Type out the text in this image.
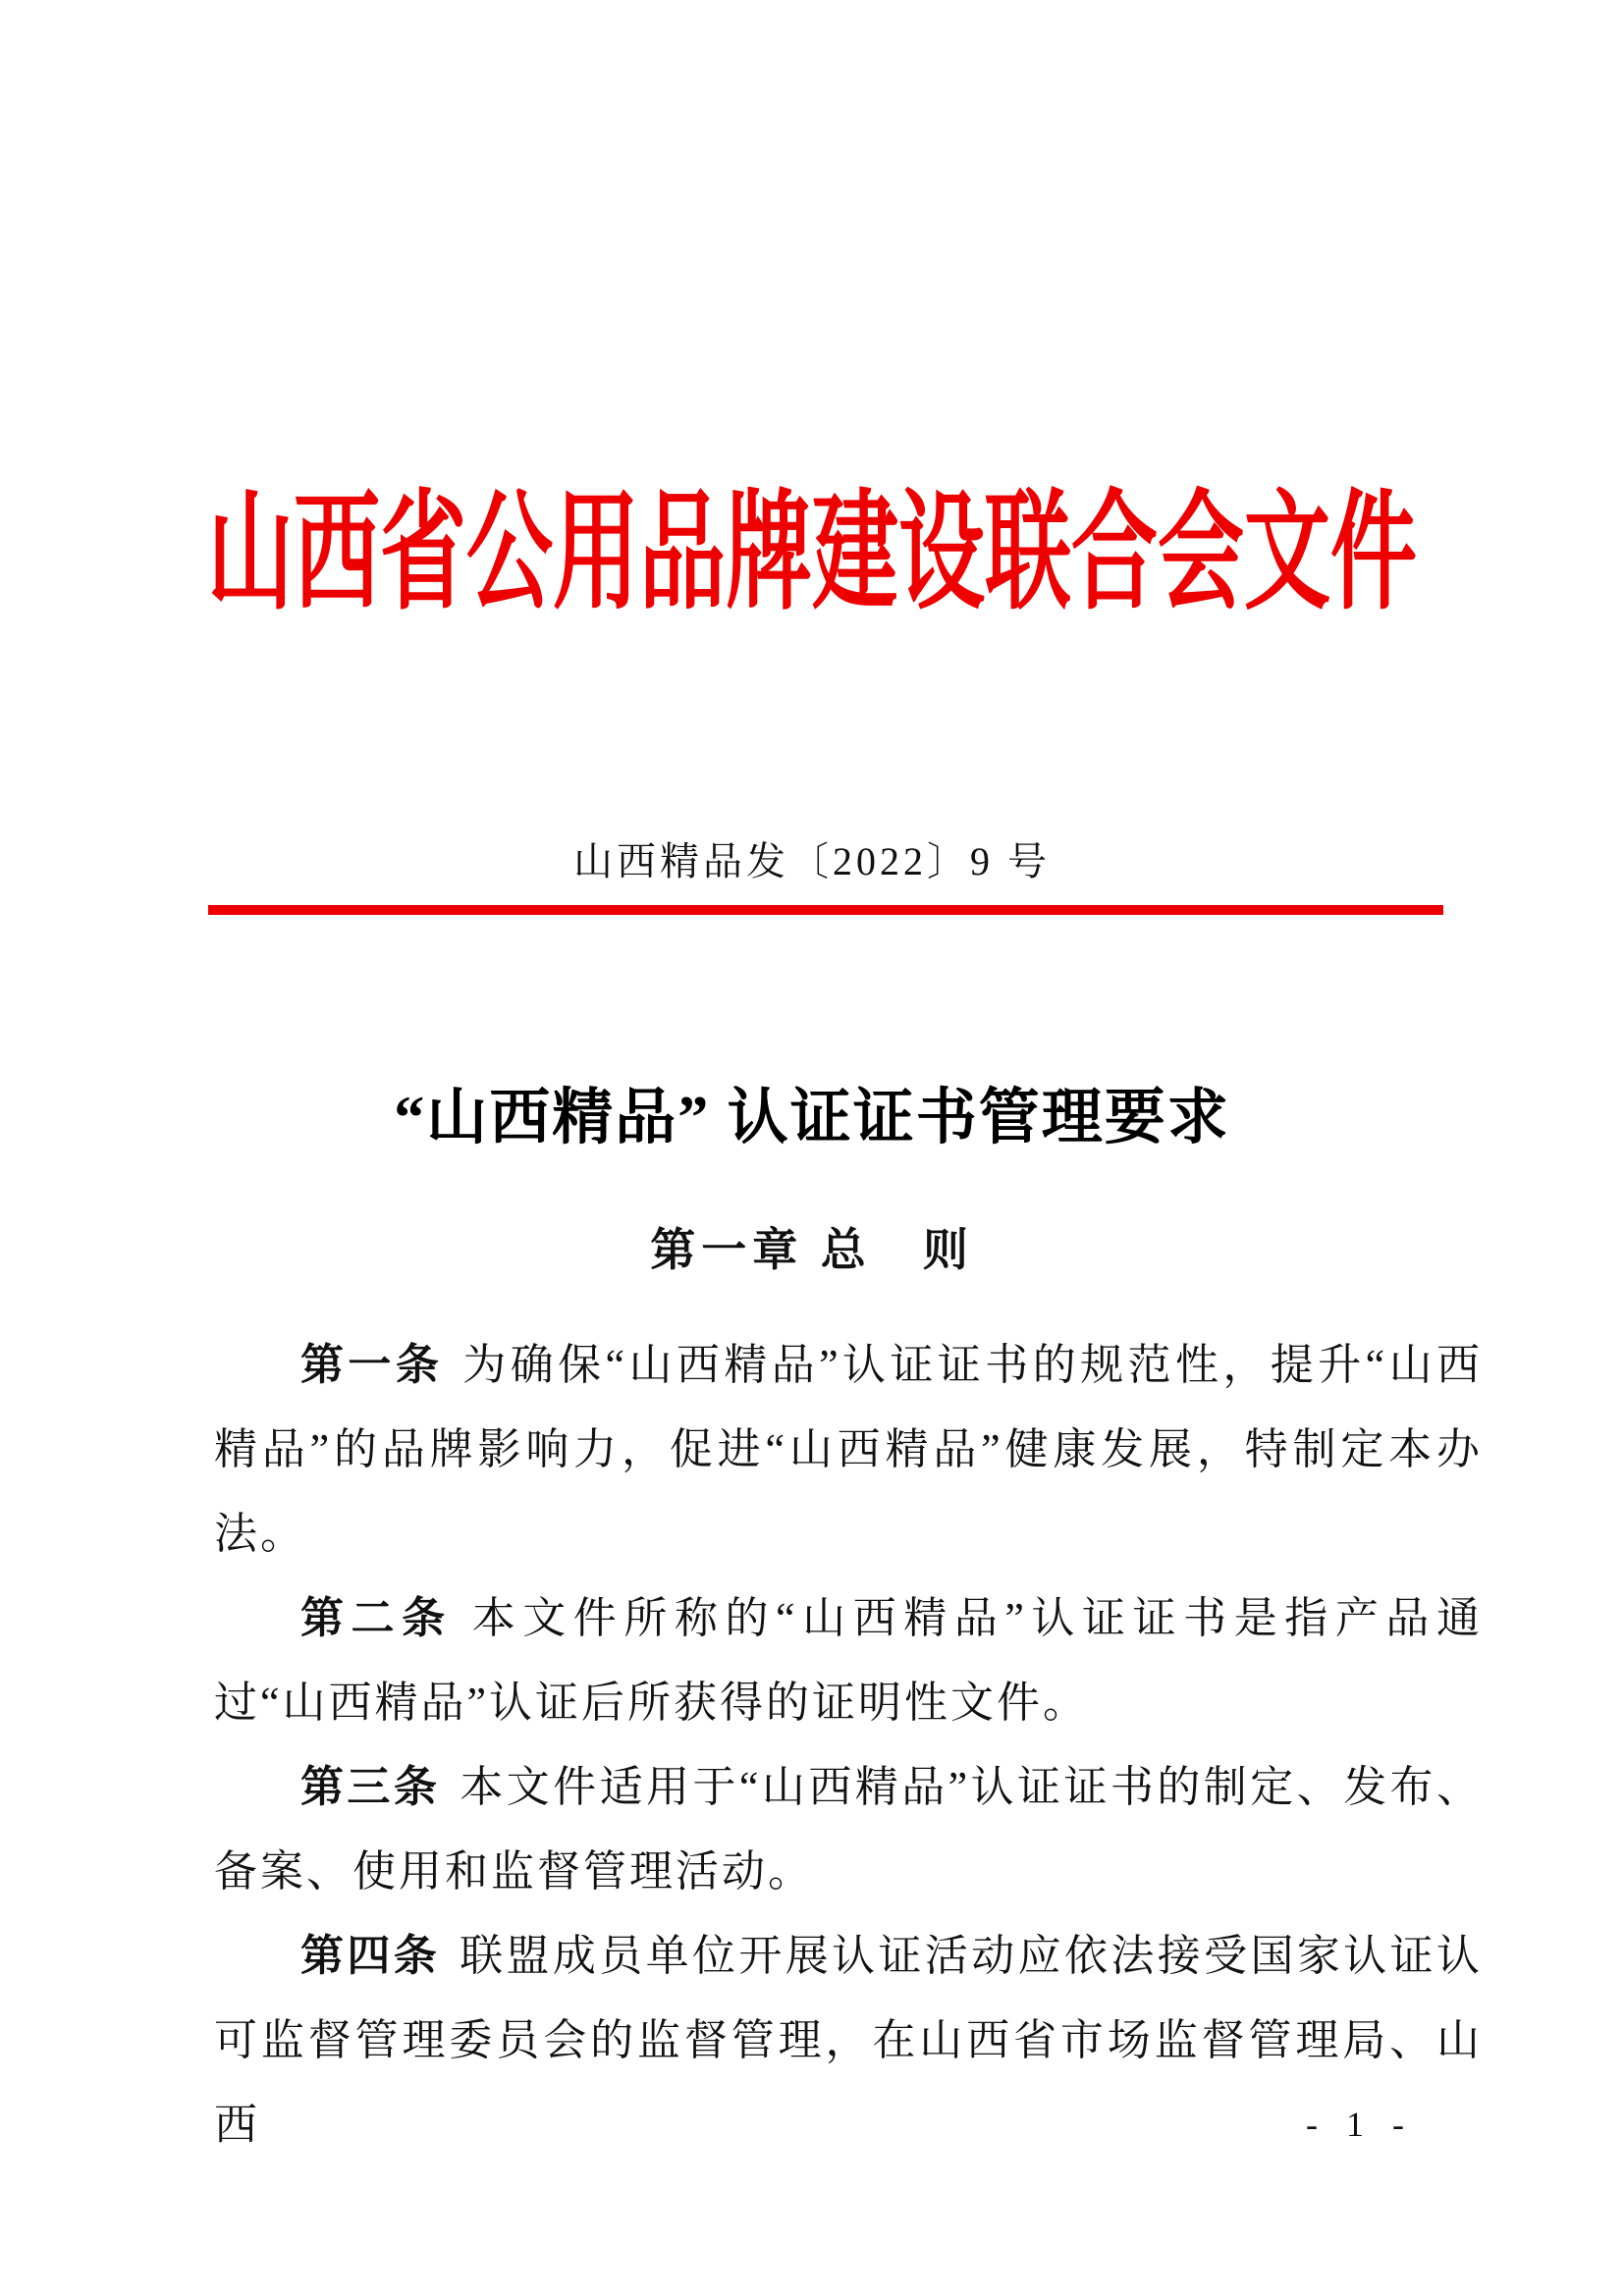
山西省公用品牌建设联合会文件
山西精品发〔2022〕9 号
“山西精品” 认证证书管理要求
第一章 总　则

第一条 为确保“山西精品”认证证书的规范性，提升“山西精品”的品牌影响力，促进“山西精品”健康发展，特制定本办法。

第二条 本文件所称的“山西精品”认证证书是指产品通过“山西精品”认证后所获得的证明性文件。

第三条 本文件适用于“山西精品”认证证书的制定、发布、备案、使用和监督管理活动。

第四条 联盟成员单位开展认证活动应依法接受国家认证认可监督管理委员会的监督管理，在山西省市场监督管理局、山西	- 1 -
